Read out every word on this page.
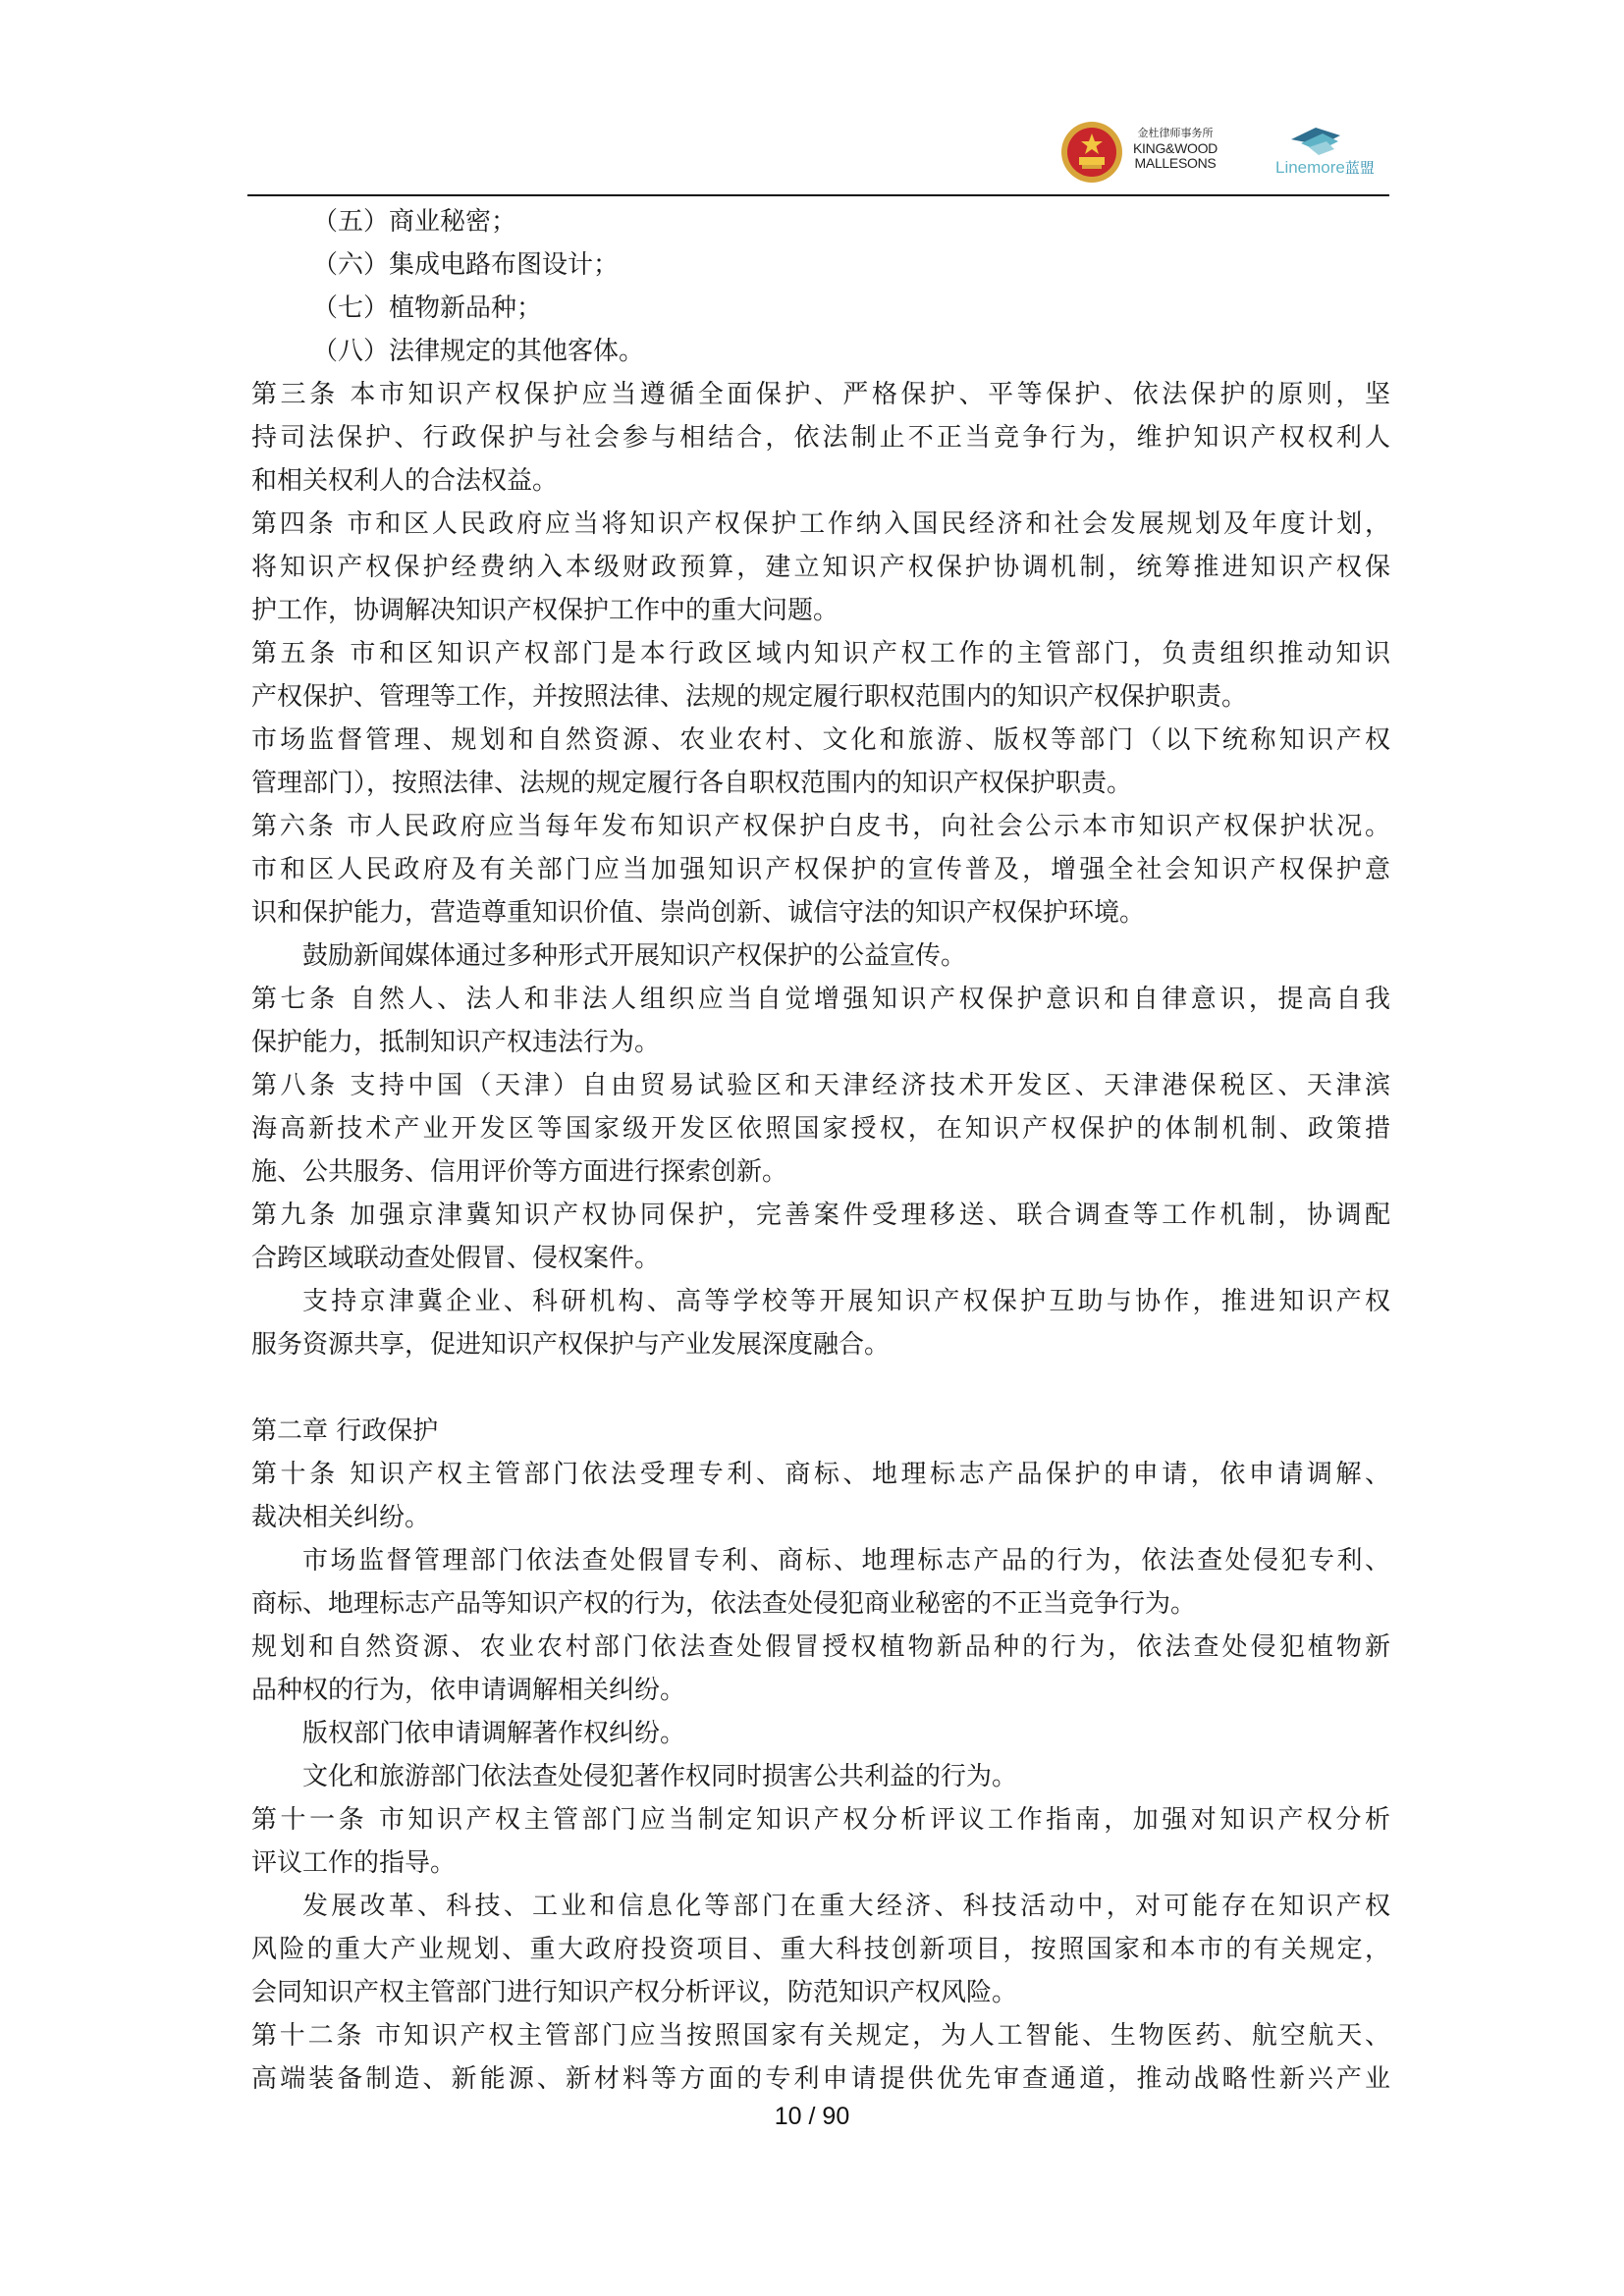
金杜律师事务所
KING&WOOD
MALLESONS	Linemore蓝盟

（五）商业秘密；

（六）集成电路布图设计；

（七）植物新品种；

（八）法律规定的其他客体。

第三条 本市知识产权保护应当遵循全面保护、严格保护、平等保护、依法保护的原则，坚

持司法保护、行政保护与社会参与相结合，依法制止不正当竞争行为，维护知识产权权利人

和相关权利人的合法权益。

第四条 市和区人民政府应当将知识产权保护工作纳入国民经济和社会发展规划及年度计划，

将知识产权保护经费纳入本级财政预算，建立知识产权保护协调机制，统筹推进知识产权保

护工作，协调解决知识产权保护工作中的重大问题。

第五条 市和区知识产权部门是本行政区域内知识产权工作的主管部门，负责组织推动知识

产权保护、管理等工作，并按照法律、法规的规定履行职权范围内的知识产权保护职责。

市场监督管理、规划和自然资源、农业农村、文化和旅游、版权等部门（以下统称知识产权

管理部门），按照法律、法规的规定履行各自职权范围内的知识产权保护职责。

第六条 市人民政府应当每年发布知识产权保护白皮书，向社会公示本市知识产权保护状况。

市和区人民政府及有关部门应当加强知识产权保护的宣传普及，增强全社会知识产权保护意

识和保护能力，营造尊重知识价值、崇尚创新、诚信守法的知识产权保护环境。

鼓励新闻媒体通过多种形式开展知识产权保护的公益宣传。

第七条 自然人、法人和非法人组织应当自觉增强知识产权保护意识和自律意识，提高自我

保护能力，抵制知识产权违法行为。

第八条 支持中国（天津）自由贸易试验区和天津经济技术开发区、天津港保税区、天津滨

海高新技术产业开发区等国家级开发区依照国家授权，在知识产权保护的体制机制、政策措

施、公共服务、信用评价等方面进行探索创新。

第九条 加强京津冀知识产权协同保护，完善案件受理移送、联合调查等工作机制，协调配

合跨区域联动查处假冒、侵权案件。

支持京津冀企业、科研机构、高等学校等开展知识产权保护互助与协作，推进知识产权

服务资源共享，促进知识产权保护与产业发展深度融合。

第二章 行政保护

第十条 知识产权主管部门依法受理专利、商标、地理标志产品保护的申请，依申请调解、

裁决相关纠纷。

市场监督管理部门依法查处假冒专利、商标、地理标志产品的行为，依法查处侵犯专利、

商标、地理标志产品等知识产权的行为，依法查处侵犯商业秘密的不正当竞争行为。

规划和自然资源、农业农村部门依法查处假冒授权植物新品种的行为，依法查处侵犯植物新

品种权的行为，依申请调解相关纠纷。

版权部门依申请调解著作权纠纷。

文化和旅游部门依法查处侵犯著作权同时损害公共利益的行为。

第十一条 市知识产权主管部门应当制定知识产权分析评议工作指南，加强对知识产权分析

评议工作的指导。

发展改革、科技、工业和信息化等部门在重大经济、科技活动中，对可能存在知识产权

风险的重大产业规划、重大政府投资项目、重大科技创新项目，按照国家和本市的有关规定，

会同知识产权主管部门进行知识产权分析评议，防范知识产权风险。

第十二条 市知识产权主管部门应当按照国家有关规定，为人工智能、生物医药、航空航天、

高端装备制造、新能源、新材料等方面的专利申请提供优先审查通道，推动战略性新兴产业

10 / 90
